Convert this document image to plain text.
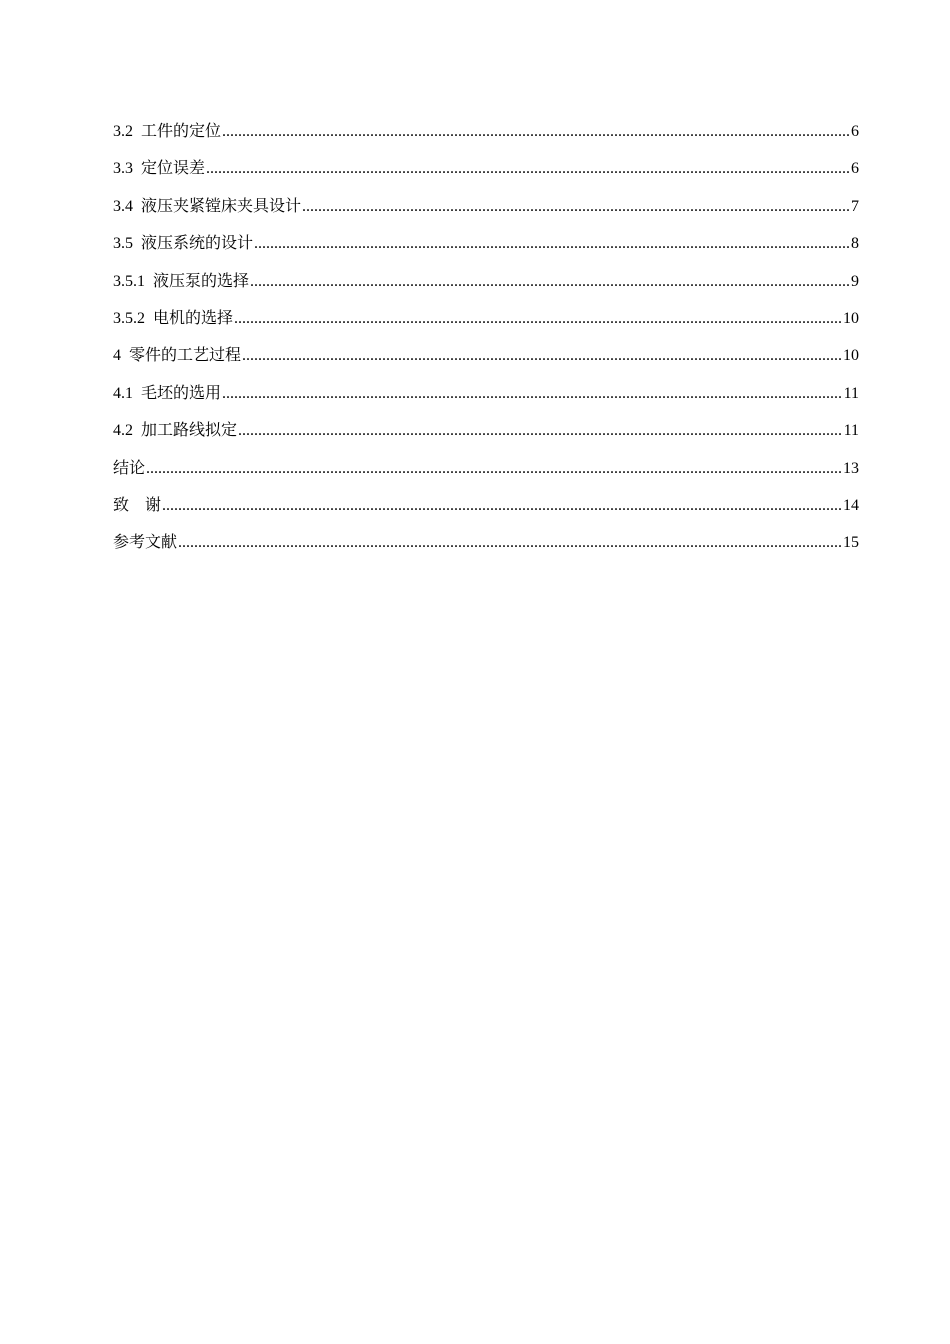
3.2 工件的定位 .....	6
3.3 定位误差 .....	6
3.4 液压夹紧镗床夹具设计 .....	7
3.5 液压系统的设计 .....	8
3.5.1 液压泵的选择 .....	9
3.5.2 电机的选择 .....	10
4 零件的工艺过程 .....	10
4.1 毛坯的选用 .....	11
4.2 加工路线拟定 .....	11
结论 .....	13
致　谢 .....	14
参考文献 .....	15
